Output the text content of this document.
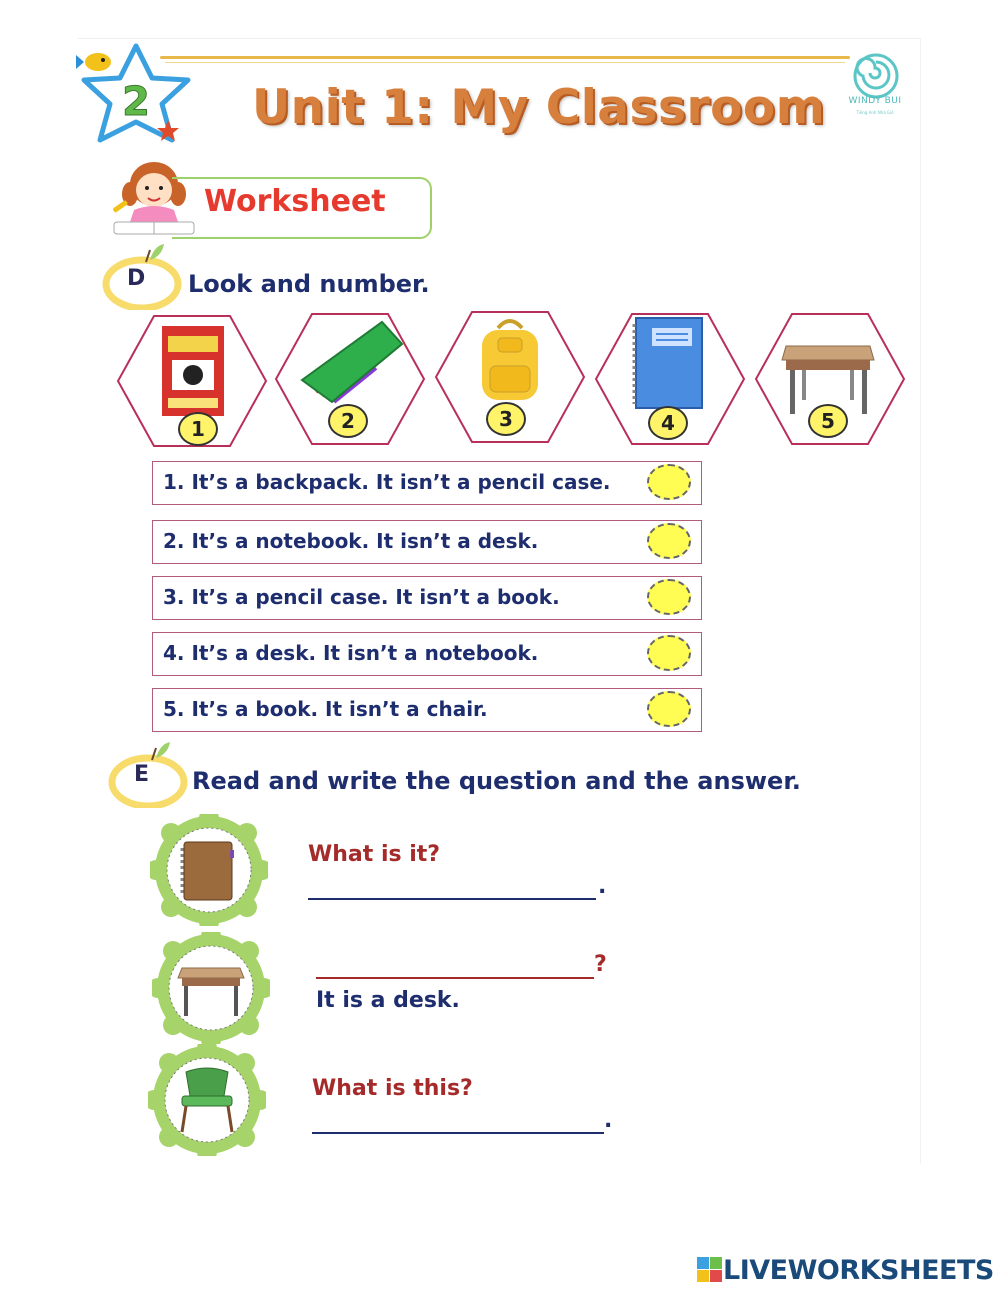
2 Unit 1: My Classroom	WINDY BUI
Tiếng Anh Nhà Gió
Worksheet
D Look and number.
1	2	3	4	5
1. It’s a backpack. It isn’t a pencil case.
2. It’s a notebook. It isn’t a desk.
3. It’s a pencil case. It isn’t a book.
4. It’s a desk. It isn’t a notebook.
5. It’s a book. It isn’t a chair.
E Read and write the question and the answer.
What is it?
.
?
It is a desk.
What is this?
.
LIVEWORKSHEETS
